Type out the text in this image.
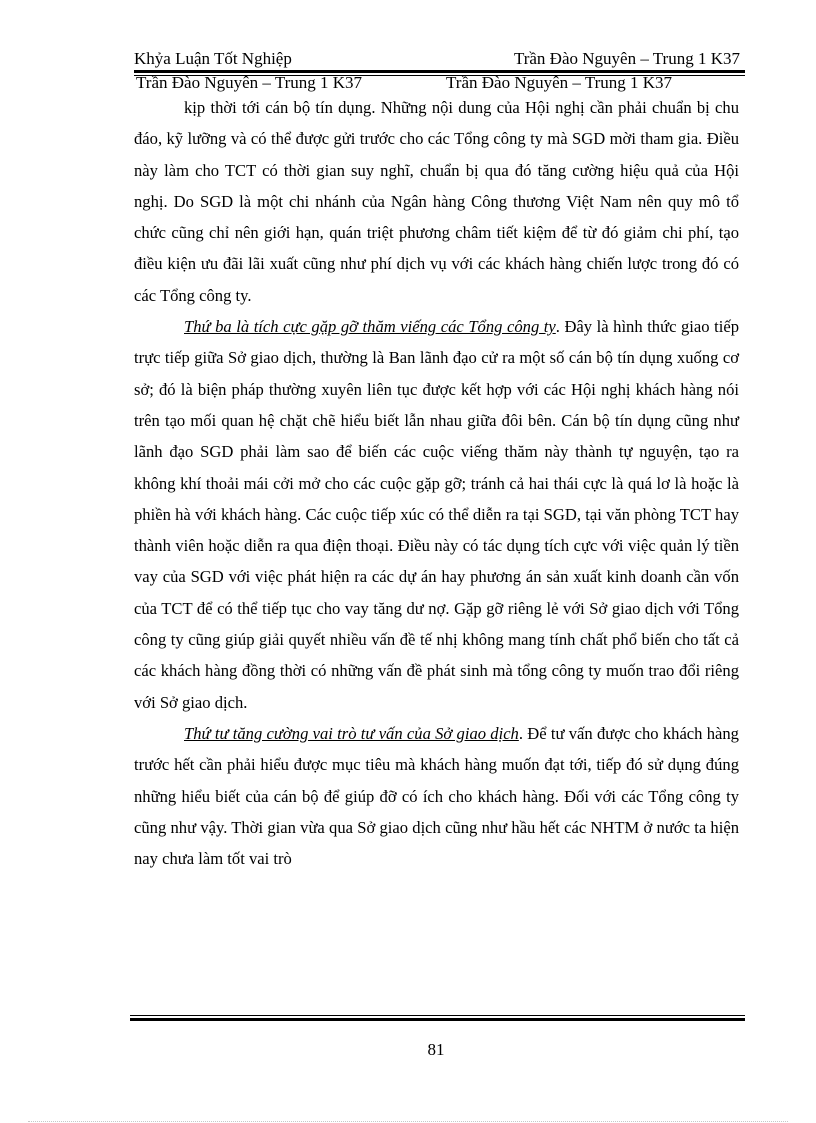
Khỷa Luận Tốt Nghiệp	Trần Đào Nguyên – Trung 1 K37
Trần Đào Nguyên – Trung 1 K37	Trần Đào Nguyên – Trung 1 K37

kịp thời tới cán bộ tín dụng. Những nội dung của Hội nghị cần phải chuẩn bị chu đáo, kỹ lưỡng và có thể được gửi trước cho các Tổng công ty mà SGD mời tham gia. Điều này làm cho TCT có thời gian suy nghĩ, chuẩn bị qua đó tăng cường hiệu quả của Hội nghị. Do SGD là một chi nhánh của Ngân hàng Công thương Việt Nam nên quy mô tổ chức cũng chỉ nên giới hạn, quán triệt phương châm tiết kiệm để từ đó giảm chi phí, tạo điều kiện ưu đãi lãi xuất cũng như phí dịch vụ với các khách hàng chiến lược trong đó có các Tổng công ty.

Thứ ba là tích cực gặp gỡ thăm viếng các Tổng công ty. Đây là hình thức giao tiếp trực tiếp giữa Sở giao dịch, thường là Ban lãnh đạo cử ra một số cán bộ tín dụng xuống cơ sở; đó là biện pháp thường xuyên liên tục được kết hợp với các Hội nghị khách hàng nói trên tạo mối quan hệ chặt chẽ hiểu biết lẫn nhau giữa đôi bên. Cán bộ tín dụng cũng như lãnh đạo SGD phải làm sao để biến các cuộc viếng thăm này thành tự nguyện, tạo ra không khí thoải mái cởi mở cho các cuộc gặp gỡ; tránh cả hai thái cực là quá lơ là hoặc là phiền hà với khách hàng. Các cuộc tiếp xúc có thể diễn ra tại SGD, tại văn phòng TCT hay thành viên hoặc diễn ra qua điện thoại. Điều này có tác dụng tích cực với việc quản lý tiền vay của SGD với việc phát hiện ra các dự án hay phương án sản xuất kinh doanh cần vốn của TCT để có thể tiếp tục cho vay tăng dư nợ. Gặp gỡ riêng lẻ với Sở giao dịch với Tổng công ty cũng giúp giải quyết nhiều vấn đề tế nhị không mang tính chất phổ biến cho tất cả các khách hàng đồng thời có những vấn đề phát sinh mà tổng công ty muốn trao đổi riêng với Sở giao dịch.

Thứ tư tăng cường vai trò tư vấn của Sở giao dịch. Để tư vấn được cho khách hàng trước hết cần phải hiểu được mục tiêu mà khách hàng muốn đạt tới, tiếp đó sử dụng đúng những hiểu biết của cán bộ để giúp đỡ có ích cho khách hàng. Đối với các Tổng công ty cũng như vậy. Thời gian vừa qua Sở giao dịch cũng như hầu hết các NHTM ở nước ta hiện nay chưa làm tốt vai trò

81
